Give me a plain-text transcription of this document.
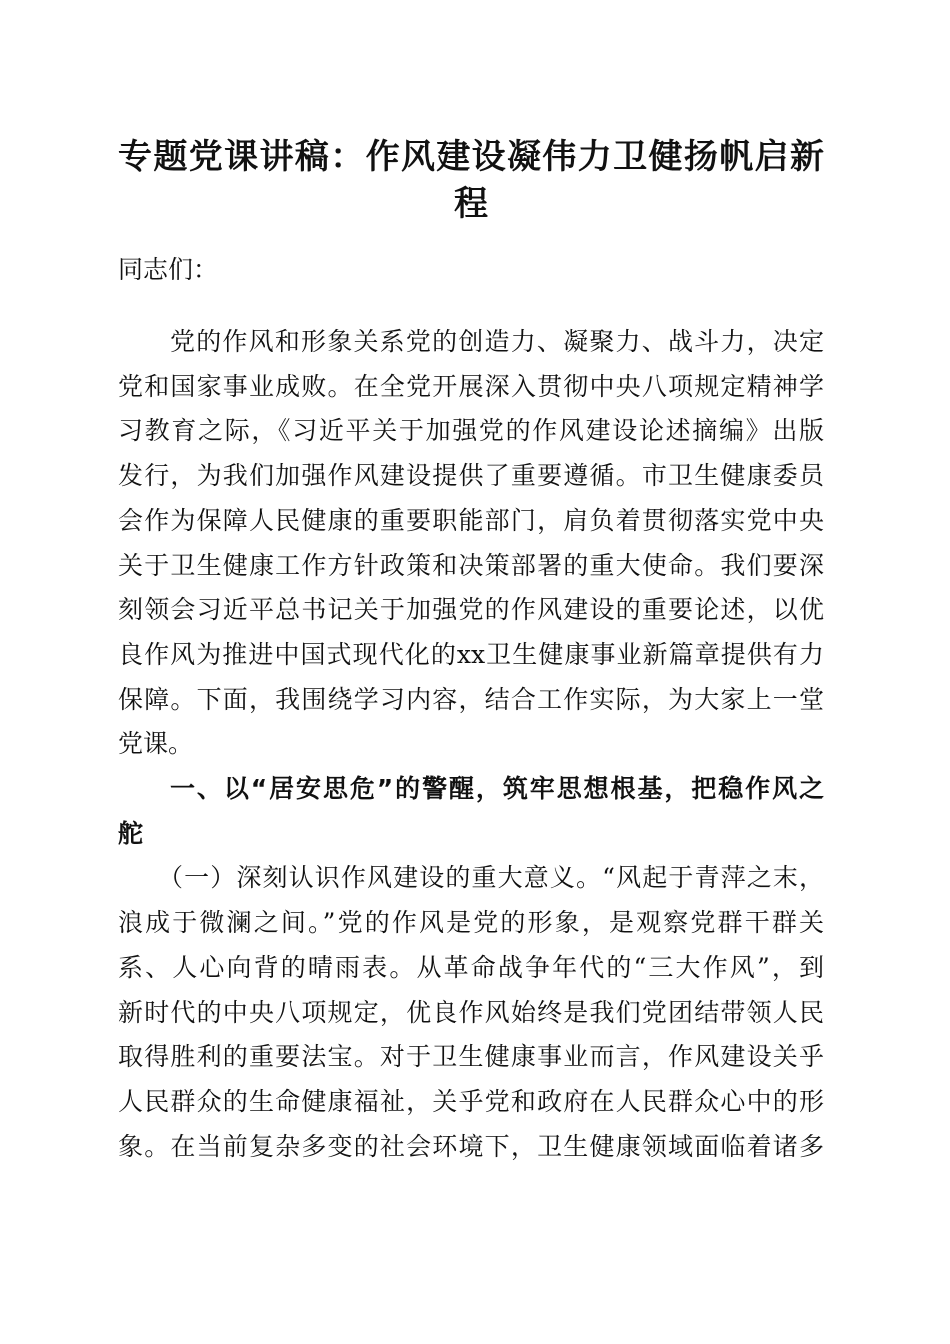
专题党课讲稿：作风建设凝伟力卫健扬帆启新
程
同志们：
党的作风和形象关系党的创造力、凝聚力、战斗力，决定
党和国家事业成败。在全党开展深入贯彻中央八项规定精神学
习教育之际，《习近平关于加强党的作风建设论述摘编》出版
发行，为我们加强作风建设提供了重要遵循。市卫生健康委员
会作为保障人民健康的重要职能部门，肩负着贯彻落实党中央
关于卫生健康工作方针政策和决策部署的重大使命。我们要深
刻领会习近平总书记关于加强党的作风建设的重要论述，以优
良作风为推进中国式现代化的xx卫生健康事业新篇章提供有力
保障。下面，我围绕学习内容，结合工作实际，为大家上一堂
党课。
一、以“居安思危”的警醒，筑牢思想根基，把稳作风之
舵
（一）深刻认识作风建设的重大意义。“风起于青萍之末，
浪成于微澜之间。”党的作风是党的形象，是观察党群干群关
系、人心向背的晴雨表。从革命战争年代的“三大作风”，到
新时代的中央八项规定，优良作风始终是我们党团结带领人民
取得胜利的重要法宝。对于卫生健康事业而言，作风建设关乎
人民群众的生命健康福祉，关乎党和政府在人民群众心中的形
象。在当前复杂多变的社会环境下，卫生健康领域面临着诸多
